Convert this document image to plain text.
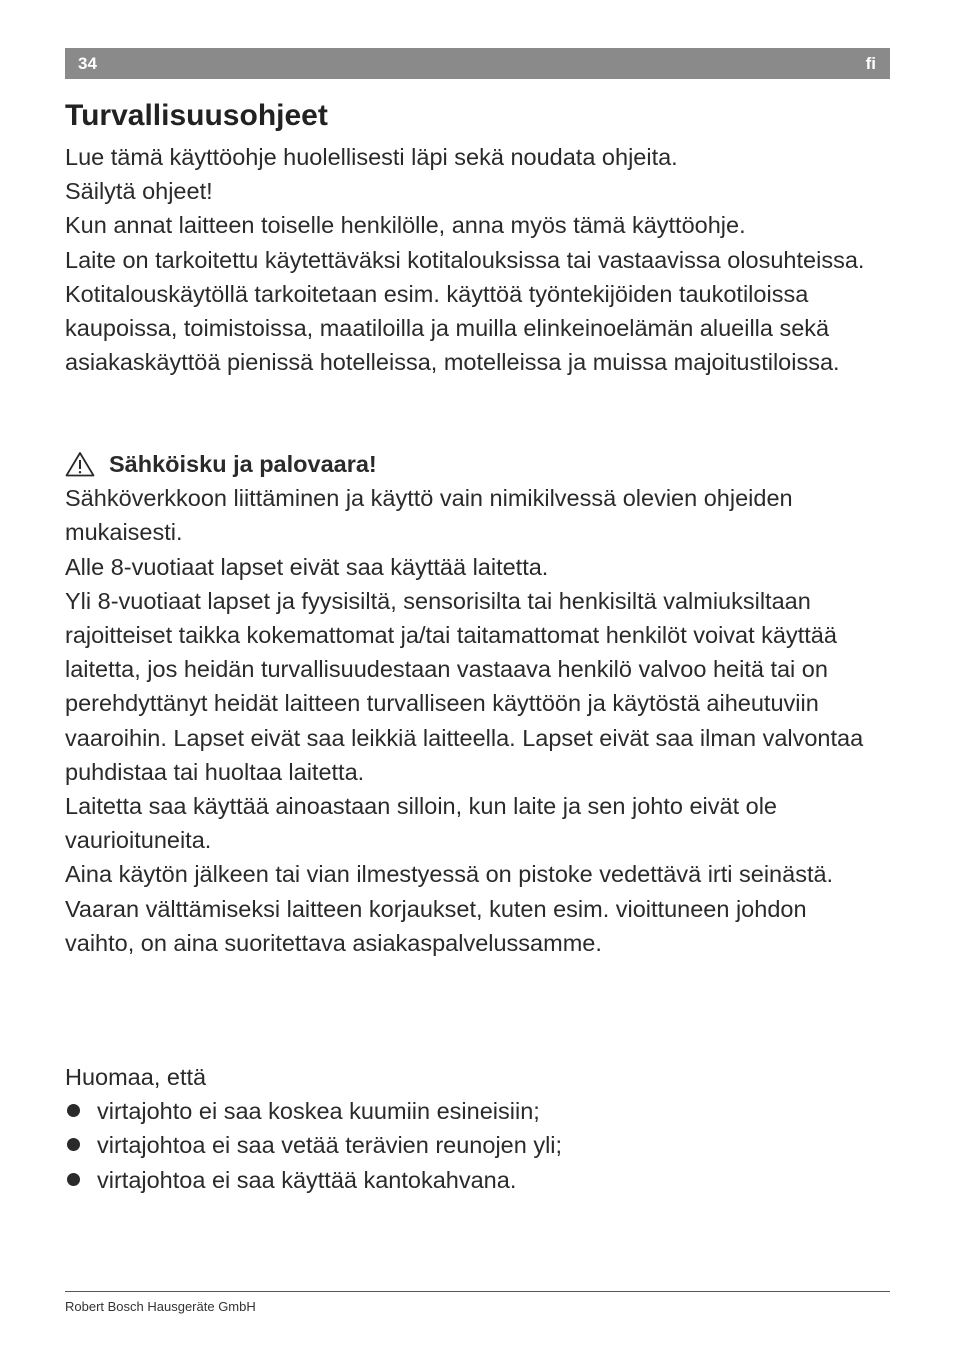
34	fi
Turvallisuusohjeet

Lue tämä käyttöohje huolellisesti läpi sekä noudata ohjeita.

Säilytä ohjeet!

Kun annat laitteen toiselle henkilölle, anna myös tämä käyttöohje.

Laite on tarkoitettu käytettäväksi kotitalouksissa tai vastaavissa olosuhteissa. Kotitalouskäytöllä tarkoitetaan esim. käyttöä työntekijöiden taukotiloissa kaupoissa, toimistoissa, maatiloilla ja muilla elinkeinoelämän alueilla sekä asiakaskäyttöä pienissä hotelleissa, motelleissa ja muissa majoitustiloissa.

Sähköisku ja palovaara!

Sähköverkkoon liittäminen ja käyttö vain nimikilvessä olevien ohjeiden mukaisesti.

Alle 8-vuotiaat lapset eivät saa käyttää laitetta.

Yli 8-vuotiaat lapset ja fyysisiltä, sensorisilta tai henkisiltä valmiuksiltaan rajoitteiset taikka kokemattomat ja/tai taitamattomat henkilöt voivat käyttää laitetta, jos heidän turvallisuudestaan vastaava henkilö valvoo heitä tai on perehdyttänyt heidät laitteen turvalliseen käyttöön ja käytöstä aiheutuviin vaaroihin. Lapset eivät saa leikkiä laitteella. Lapset eivät saa ilman valvontaa puhdistaa tai huoltaa laitetta.

Laitetta saa käyttää ainoastaan silloin, kun laite ja sen johto eivät ole vaurioituneita.

Aina käytön jälkeen tai vian ilmestyessä on pistoke vedettävä irti seinästä.

Vaaran välttämiseksi laitteen korjaukset, kuten esim. vioittuneen johdon vaihto, on aina suoritettava asiakaspalvelussamme.

Huomaa, että

virtajohto ei saa koskea kuumiin esineisiin;
virtajohtoa ei saa vetää terävien reunojen yli;
virtajohtoa ei saa käyttää kantokahvana.
Robert Bosch Hausgeräte GmbH
